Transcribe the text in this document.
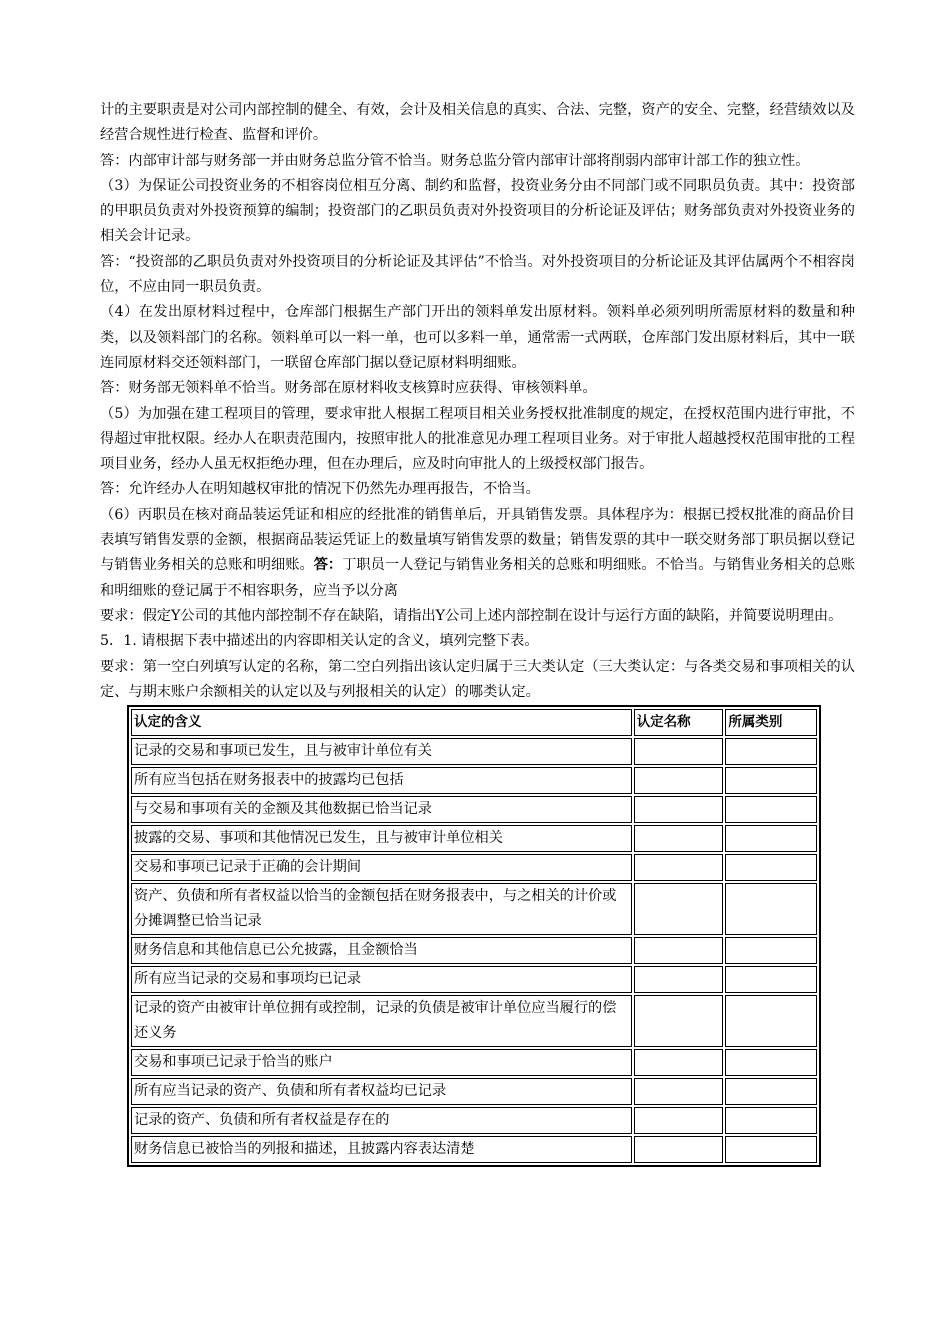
计的主要职责是对公司内部控制的健全、有效，会计及相关信息的真实、合法、完整，资产的安全、完整，经营绩效以及经营合规性进行检查、监督和评价。

答：内部审计部与财务部一并由财务总监分管不恰当。财务总监分管内部审计部将削弱内部审计部工作的独立性。

（3）为保证公司投资业务的不相容岗位相互分离、制约和监督，投资业务分由不同部门或不同职员负责。其中：投资部的甲职员负责对外投资预算的编制；投资部门的乙职员负责对外投资项目的分析论证及评估；财务部负责对外投资业务的相关会计记录。

答：“投资部的乙职员负责对外投资项目的分析论证及其评估”不恰当。对外投资项目的分析论证及其评估属两个不相容岗位，不应由同一职员负责。

（4）在发出原材料过程中，仓库部门根据生产部门开出的领料单发出原材料。领料单必须列明所需原材料的数量和种类，以及领料部门的名称。领料单可以一料一单，也可以多料一单，通常需一式两联，仓库部门发出原材料后，其中一联连同原材料交还领料部门，一联留仓库部门据以登记原材料明细账。

答：财务部无领料单不恰当。财务部在原材料收支核算时应获得、审核领料单。

（5）为加强在建工程项目的管理，要求审批人根据工程项目相关业务授权批准制度的规定，在授权范围内进行审批，不得超过审批权限。经办人在职责范围内，按照审批人的批准意见办理工程项目业务。对于审批人超越授权范围审批的工程项目业务，经办人虽无权拒绝办理，但在办理后，应及时向审批人的上级授权部门报告。

答：允许经办人在明知越权审批的情况下仍然先办理再报告，不恰当。

（6）丙职员在核对商品装运凭证和相应的经批准的销售单后，开具销售发票。具体程序为：根据已授权批准的商品价目表填写销售发票的金额，根据商品装运凭证上的数量填写销售发票的数量；销售发票的其中一联交财务部丁职员据以登记与销售业务相关的总账和明细账。答：丁职员一人登记与销售业务相关的总账和明细账。不恰当。与销售业务相关的总账和明细账的登记属于不相容职务，应当予以分离

要求：假定Y公司的其他内部控制不存在缺陷，请指出Y公司上述内部控制在设计与运行方面的缺陷，并简要说明理由。

5．1. 请根据下表中描述出的内容即相关认定的含义，填列完整下表。

要求：第一空白列填写认定的名称，第二空白列指出该认定归属于三大类认定（三大类认定：与各类交易和事项相关的认定、与期末账户余额相关的认定以及与列报相关的认定）的哪类认定。

认定的含义	认定名称	所属类别
记录的交易和事项已发生，且与被审计单位有关		
所有应当包括在财务报表中的披露均已包括		
与交易和事项有关的金额及其他数据已恰当记录		
披露的交易、事项和其他情况已发生，且与被审计单位相关		
交易和事项已记录于正确的会计期间		
资产、负债和所有者权益以恰当的金额包括在财务报表中，与之相关的计价或分摊调整已恰当记录		
财务信息和其他信息已公允披露，且金额恰当		
所有应当记录的交易和事项均已记录		
记录的资产由被审计单位拥有或控制，记录的负债是被审计单位应当履行的偿还义务		
交易和事项已记录于恰当的账户		
所有应当记录的资产、负债和所有者权益均已记录		
记录的资产、负债和所有者权益是存在的		
财务信息已被恰当的列报和描述，且披露内容表达清楚		
